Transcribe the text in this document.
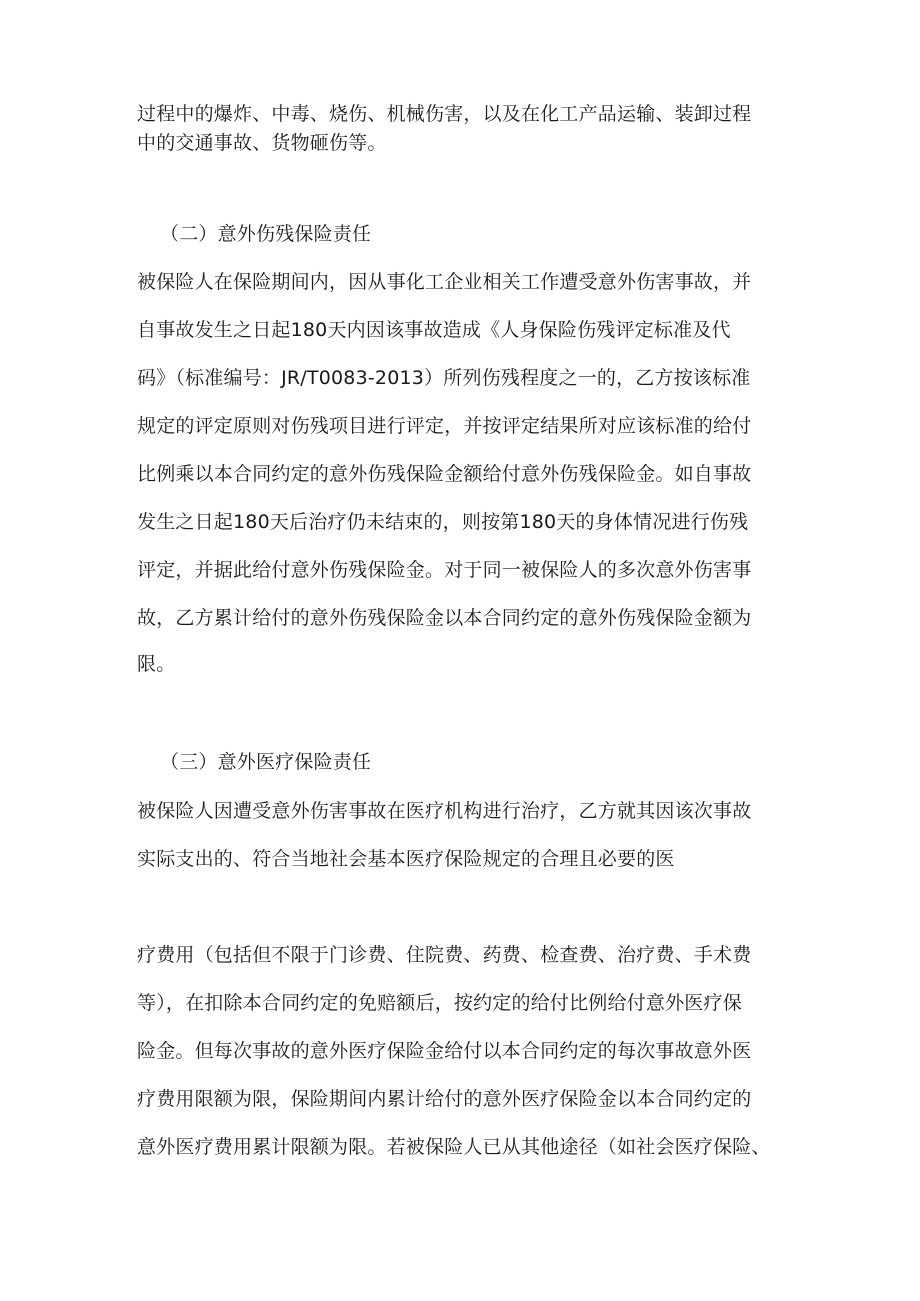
过程中的爆炸、中毒、烧伤、机械伤害，以及在化工产品运输、装卸过程
中的交通事故、货物砸伤等。
（二）意外伤残保险责任
被保险人在保险期间内，因从事化工企业相关工作遭受意外伤害事故，并
自事故发生之日起180天内因该事故造成《人身保险伤残评定标准及代
码》（标准编号：JR/T0083-2013）所列伤残程度之一的，乙方按该标准
规定的评定原则对伤残项目进行评定，并按评定结果所对应该标准的给付
比例乘以本合同约定的意外伤残保险金额给付意外伤残保险金。如自事故
发生之日起180天后治疗仍未结束的，则按第180天的身体情况进行伤残
评定，并据此给付意外伤残保险金。对于同一被保险人的多次意外伤害事
故，乙方累计给付的意外伤残保险金以本合同约定的意外伤残保险金额为
限。
（三）意外医疗保险责任
被保险人因遭受意外伤害事故在医疗机构进行治疗，乙方就其因该次事故
实际支出的、符合当地社会基本医疗保险规定的合理且必要的医
疗费用（包括但不限于门诊费、住院费、药费、检查费、治疗费、手术费
等），在扣除本合同约定的免赔额后，按约定的给付比例给付意外医疗保
险金。但每次事故的意外医疗保险金给付以本合同约定的每次事故意外医
疗费用限额为限，保险期间内累计给付的意外医疗保险金以本合同约定的
意外医疗费用累计限额为限。若被保险人已从其他途径（如社会医疗保险、
